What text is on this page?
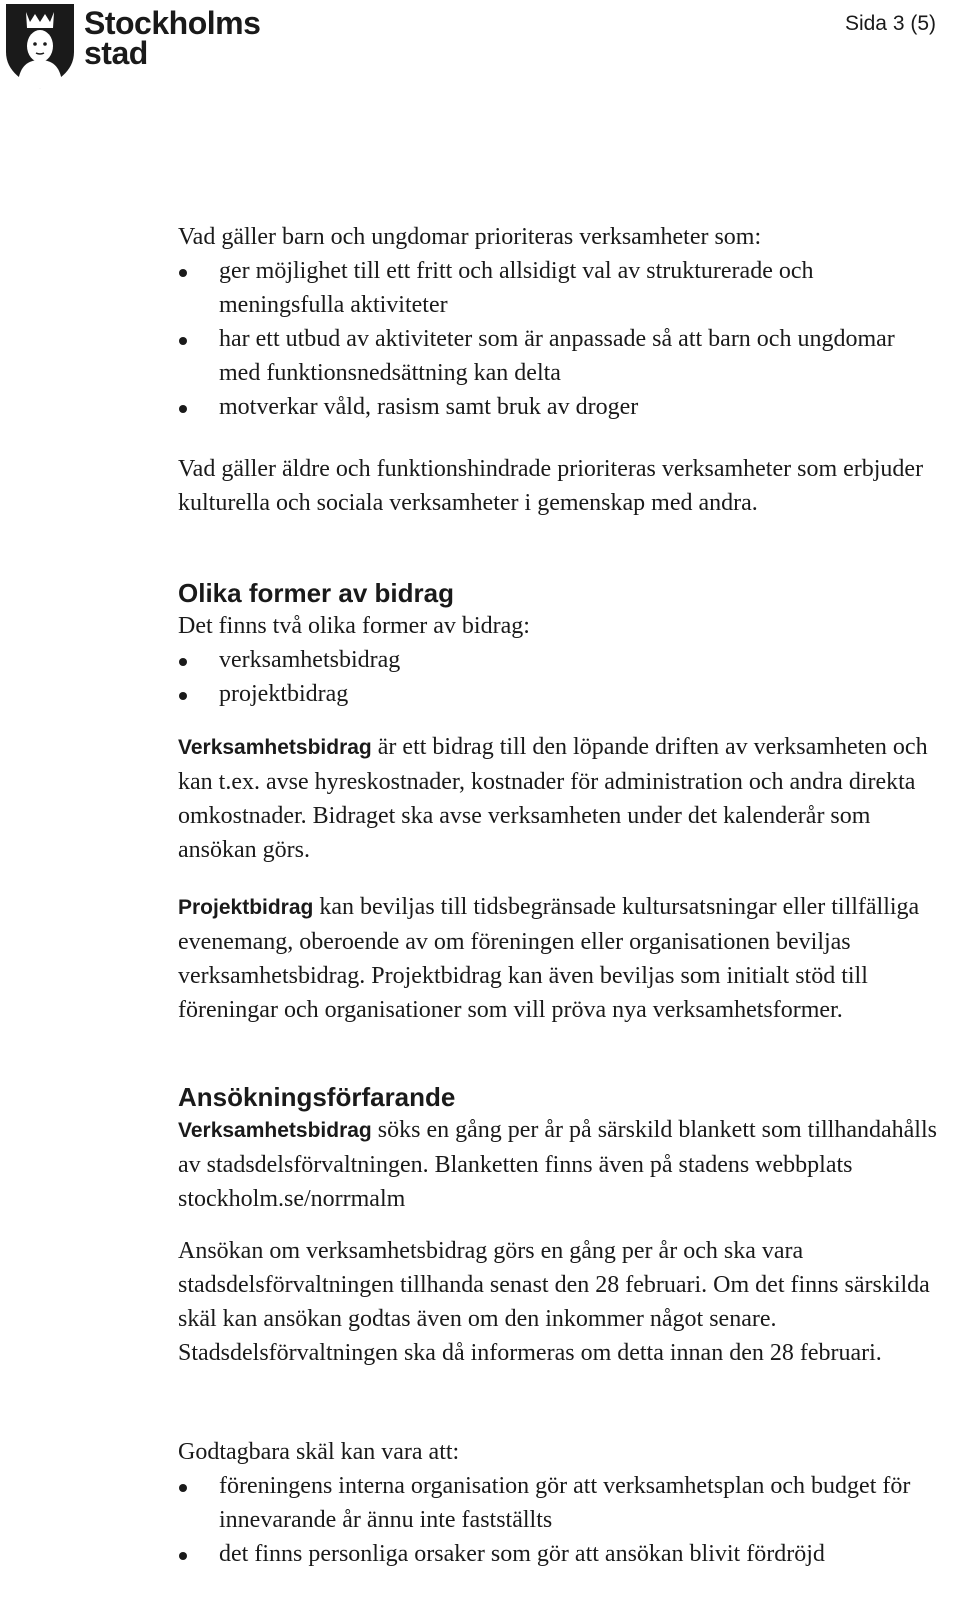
Stockholms
stad
Sida 3 (5)

Vad gäller barn och ungdomar prioriteras verksamheter som:

ger möjlighet till ett fritt och allsidigt val av strukturerade och meningsfulla aktiviteter
har ett utbud av aktiviteter som är anpassade så att barn och ungdomar med funktionsnedsättning kan delta
motverkar våld, rasism samt bruk av droger

Vad gäller äldre och funktionshindrade prioriteras verksamheter som erbjuder kulturella och sociala verksamheter i gemenskap med andra.

Olika former av bidrag

Det finns två olika former av bidrag:

verksamhetsbidrag
projektbidrag

Verksamhetsbidrag är ett bidrag till den löpande driften av verksamheten och kan t.ex. avse hyreskostnader, kostnader för administration och andra direkta omkostnader. Bidraget ska avse verksamheten under det kalenderår som ansökan görs.

Projektbidrag kan beviljas till tidsbegränsade kultursatsningar eller tillfälliga evenemang, oberoende av om föreningen eller organisationen beviljas verksamhetsbidrag. Projektbidrag kan även beviljas som initialt stöd till föreningar och organisationer som vill pröva nya verksamhetsformer.

Ansökningsförfarande

Verksamhetsbidrag söks en gång per år på särskild blankett som tillhandahålls av stadsdelsförvaltningen. Blanketten finns även på stadens webbplats stockholm.se/norrmalm

Ansökan om verksamhetsbidrag görs en gång per år och ska vara stadsdelsförvaltningen tillhanda senast den 28 februari. Om det finns särskilda skäl kan ansökan godtas även om den inkommer något senare. Stadsdelsförvaltningen ska då informeras om detta innan den 28 februari.

Godtagbara skäl kan vara att:

föreningens interna organisation gör att verksamhetsplan och budget för innevarande år ännu inte fastställts
det finns personliga orsaker som gör att ansökan blivit fördröjd
